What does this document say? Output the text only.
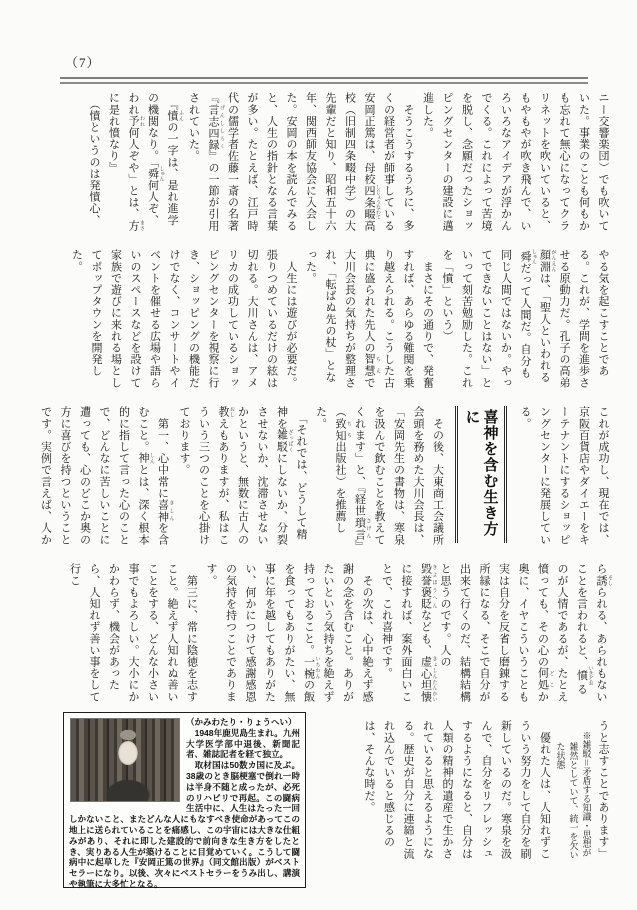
（7）

ニー交響楽団）でも吹いていた。事業のことも何もかも忘れて無心になってクラリネットを吹いていると、もやもやが吹き飛んで、いろいろなアイデアが浮かんでくる。これによって苦境を脱し、念願だったショッピングセンターの建設に邁進した。

　そうこうするうちに、多くの経営者が師事している安岡正篤は、母校四条畷 しじょうなわて高校（旧制四条畷中学）の大先輩だと知り、昭和五十六年、関西師友協会に入会した。安岡の本を読んでみると、人生の指針となる言葉が多い。たとえば、江戸時代の儒学者佐藤一斎の名著『言志四録 げんししろく』の一節が引用されていた。

　『憤 ふんの一字は、是れ進学の機関なり。「舜 しゅん何人ぞ、われ予 われ何人ぞや」とは、方 まさに是れ憤なり』

　（憤というのは発憤心、

やる気を起こすことである。これが、学問を進歩させる原動力だ。孔子の高弟顔淵 がんえんは、「聖人といわれる舜 しゅんだって人間だ。自分も同じ人間ではないか。やってできないことはない」といって刻苦勉励した。これを「憤」という）

　まさにその通りで、発奮すれば、あらゆる難関を乗り越えられる。こうした古典に盛られた先人の智慧 ちえで大川会長の気持ちが整理され、「転ばぬ先の杖」となった。

　人生には遊びが必要だ。張りつめているだけの絃は切れる。大川さんは、アメリカの成功しているショッピングセンターを視察に行き、ショッピングの機能だけでなく、コンサートやイベントを催せる広場や語らいのスペースなどを設けて家族で遊びに来れる場としてポップタウンを開発した。

これが成功し、現在では、京阪百貨店やダイエーをキーテナントにするショッピングセンターに発展している。

喜神を含む生き方に

　その後、大東商工会議所会頭を務めた大川会長は、「安岡先生の書物は、寒泉を汲んで飲むことを教えてくれます」と、『経世瑣言 さげん』（致知 ちち出版社）を推薦した。

　「それでは、どうして精神を雑駁 ざっぱくにしないか、分裂させないか、沈滞させないかというと、無数に古人の教 おしえもありますが、私はこういう三つのことを心掛けております。

　第一、心中常に喜神 きしんを含むこと。神 しんとは、深く根本的に指して言った心のことで、どんなに苦しいことに遭っても、心のどこか奥の方に喜びを持つということです。実例で言えば、人か

ら誘 そしられる、あられもないことを言われると、憤 いきどおるのが人情であるが、たとえ憤っても、その心の何処 どこか奥に、イヤこういうことも実は自分を反省し磨錬する所縁になる、そこで自分が出来て行くのだ、結構結構と思うのです。人の毀誉褒貶 きよほうへんなども、虚心坦懐 きょしんたんかいに接すれば、案外面白いことで、これ喜神です。

　その次は、心中絶えず感謝の念を含むこと。ありがたいという気持ちを絶えず持っておること。一椀 いちわんの飯を食ってもありがたい、無事に年を越してもありがたい、何かにつけて感謝感恩の気持を持つことであります。

　第三に、常に陰徳を志すこと。絶えず人知れぬ善いことをする、どんな小さい事でもよろしい。大小にかかわらず、機会があったら、人知れず善い事をして行こ

うと志すことであります」

※雑駁＝矛盾する知識・思想が雑然としていて、統一を欠いた状態

　優れた人は、人知れずこういう努力をして自分を刷新しているのだ。寒泉を汲んで、自分をリフレッシュするようになると、自分は人類の精神的遺産で生かされていると思えるようになる。歴史が自分に連綿と流れ込んでいると感じるのは、そんな時だ。

（かみわたり・りょうへい）

　1948年鹿児島生まれ。九州大学医学部中退後、新聞記者、雑誌記者を経て独立。

　取材国は50数カ国に及ぶ。38歳のとき脳梗塞で倒れ一時は半身不随と成ったが、必死のリハビリで再起。この闘病生活中に、人生はたった一回しかないこと、またどんな人にもなすべき使命があってこの地上に送られていることを痛感し、この宇宙には大きな仕組みがあり、それに即した建設的で前向きな生き方をしたとき、実りある人生が築けることに目覚めていく。こうして闘病中に起草した『安岡正篤の世界』（同文館出版）がベストセラーになり。以後、次々にベストセラーをうみ出し、講演や執筆に大多忙となる。
